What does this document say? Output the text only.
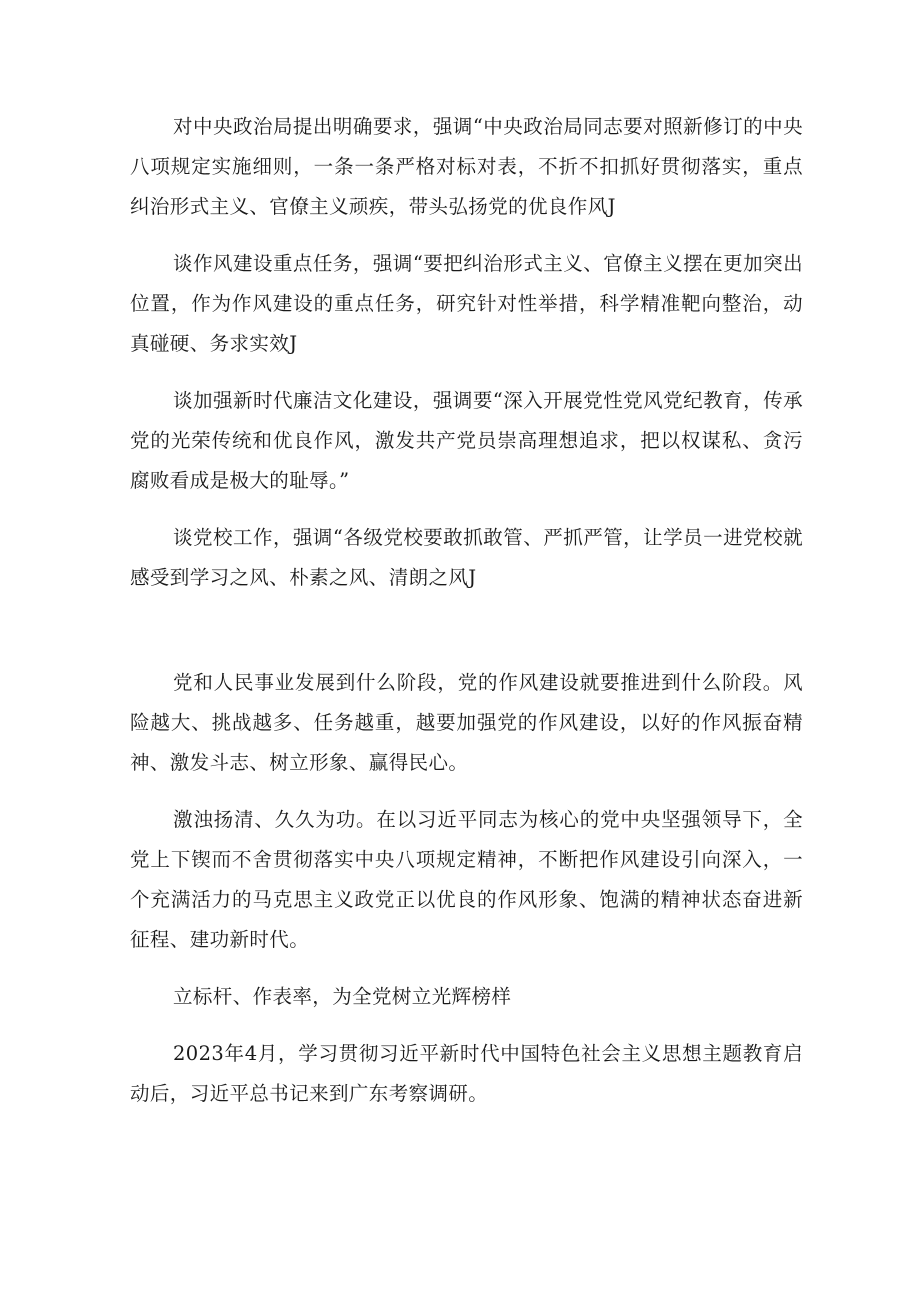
对中央政治局提出明确要求，强调“中央政治局同志要对照新修订的中央八项规定实施细则，一条一条严格对标对表，不折不扣抓好贯彻落实，重点纠治形式主义、官僚主义顽疾，带头弘扬党的优良作风J

谈作风建设重点任务，强调“要把纠治形式主义、官僚主义摆在更加突出位置，作为作风建设的重点任务，研究针对性举措，科学精准靶向整治，动真碰硬、务求实效J

谈加强新时代廉洁文化建设，强调要“深入开展党性党风党纪教育，传承党的光荣传统和优良作风，激发共产党员崇高理想追求，把以权谋私、贪污腐败看成是极大的耻辱。”

谈党校工作，强调“各级党校要敢抓敢管、严抓严管，让学员一进党校就感受到学习之风、朴素之风、清朗之风J

党和人民事业发展到什么阶段，党的作风建设就要推进到什么阶段。风险越大、挑战越多、任务越重，越要加强党的作风建设，以好的作风振奋精神、激发斗志、树立形象、赢得民心。

激浊扬清、久久为功。在以习近平同志为核心的党中央坚强领导下，全党上下锲而不舍贯彻落实中央八项规定精神，不断把作风建设引向深入，一个充满活力的马克思主义政党正以优良的作风形象、饱满的精神状态奋进新征程、建功新时代。

立标杆、作表率，为全党树立光辉榜样

2023年4月，学习贯彻习近平新时代中国特色社会主义思想主题教育启动后，习近平总书记来到广东考察调研。
